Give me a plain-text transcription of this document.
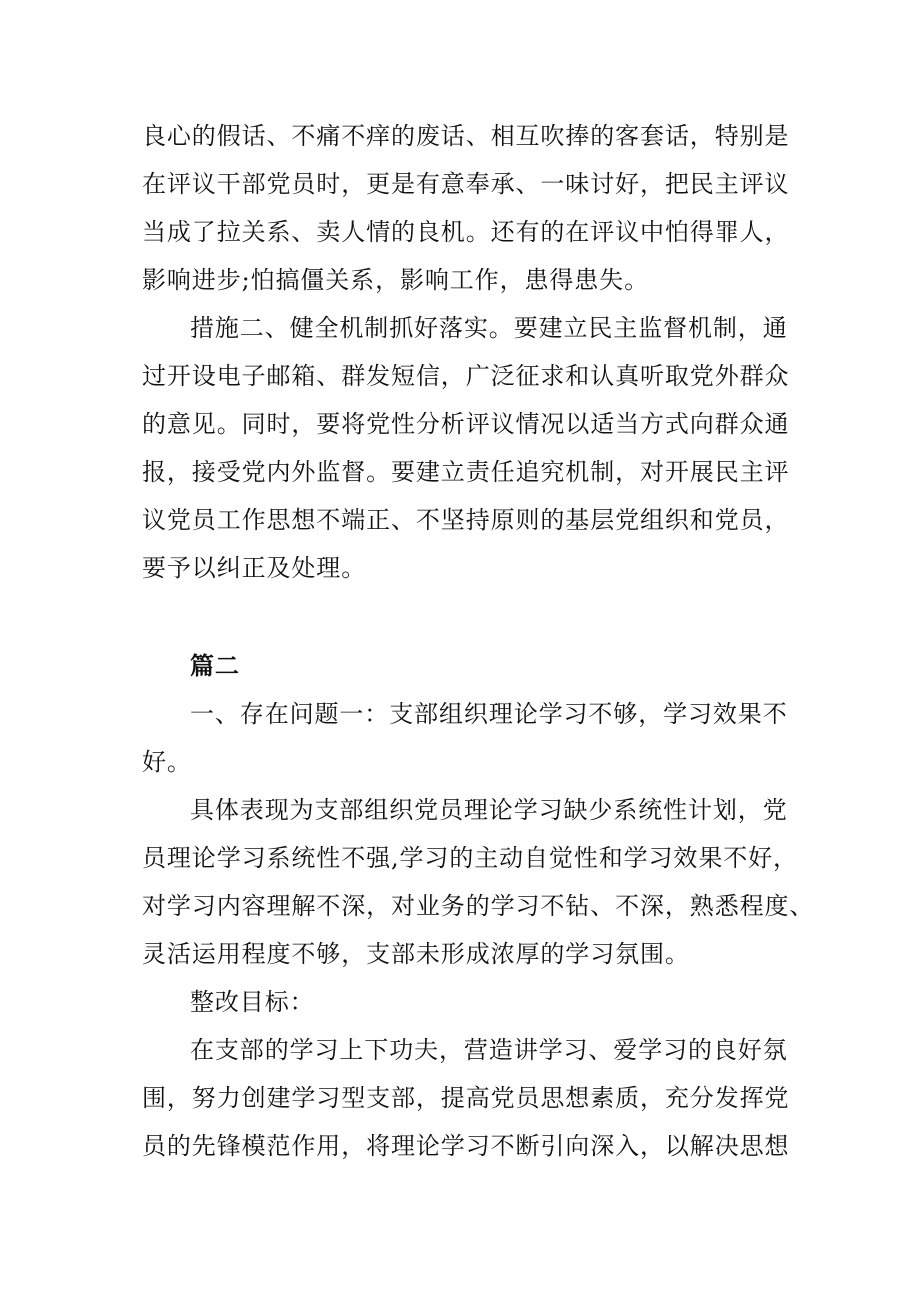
良心的假话、不痛不痒的废话、相互吹捧的客套话，特别是
在评议干部党员时，更是有意奉承、一味讨好，把民主评议
当成了拉关系、卖人情的良机。还有的在评议中怕得罪人，
影响进步;怕搞僵关系，影响工作，患得患失。
措施二、健全机制抓好落实。要建立民主监督机制，通
过开设电子邮箱、群发短信，广泛征求和认真听取党外群众
的意见。同时，要将党性分析评议情况以适当方式向群众通
报，接受党内外监督。要建立责任追究机制，对开展民主评
议党员工作思想不端正、不坚持原则的基层党组织和党员，
要予以纠正及处理。
篇二
一、存在问题一：支部组织理论学习不够，学习效果不
好。
具体表现为支部组织党员理论学习缺少系统性计划，党
员理论学习系统性不强,学习的主动自觉性和学习效果不好，
对学习内容理解不深，对业务的学习不钻、不深，熟悉程度、
灵活运用程度不够，支部未形成浓厚的学习氛围。
整改目标：
在支部的学习上下功夫，营造讲学习、爱学习的良好氛
围，努力创建学习型支部，提高党员思想素质，充分发挥党
员的先锋模范作用，将理论学习不断引向深入，以解决思想
